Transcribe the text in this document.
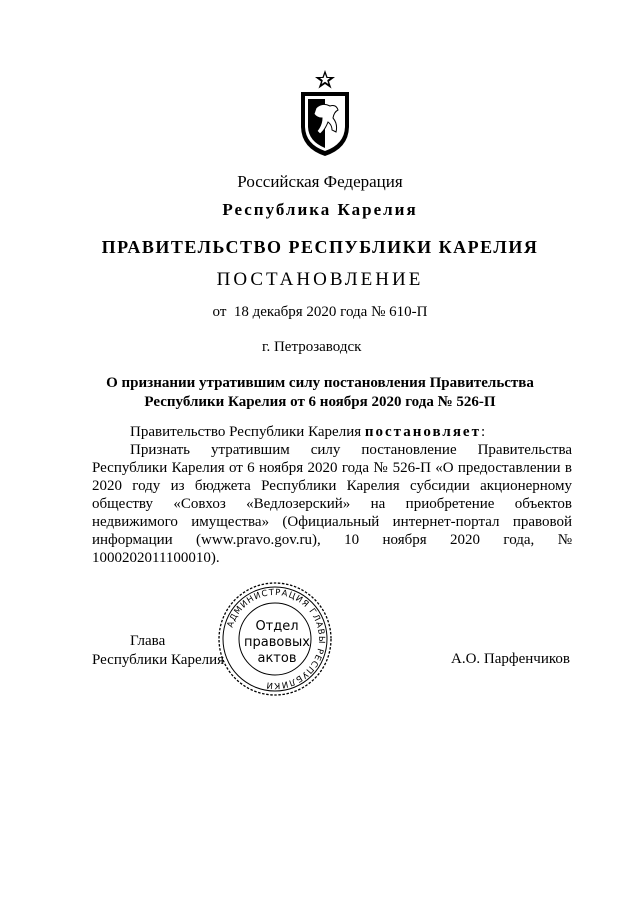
Российская Федерация
Республика Карелия
ПРАВИТЕЛЬСТВО РЕСПУБЛИКИ КАРЕЛИЯ
ПОСТАНОВЛЕНИЕ
от  18 декабря 2020 года № 610-П
г. Петрозаводск
О признании утратившим силу постановления Правительства
Республики Карелия от 6 ноября 2020 года № 526-П
Правительство Республики Карелия постановляет:
Признать утратившим силу постановление Правительства Республики Карелия от 6 ноября 2020 года № 526-П «О предоставлении в 2020 году из бюджета Республики Карелия субсидии акционерному обществу «Совхоз «Ведлозерский» на приобретение объектов недвижимого имущества» (Официальный интернет-портал правовой информации (www.pravo.gov.ru), 10 ноября 2020 года, № 1000202011100010).
Глава
Республики Карелия	А.О. Парфенчиков
АДМИНИСТРАЦИЯ ГЛАВЫ РЕСПУБЛИКИ
Отдел
правовых
актов
